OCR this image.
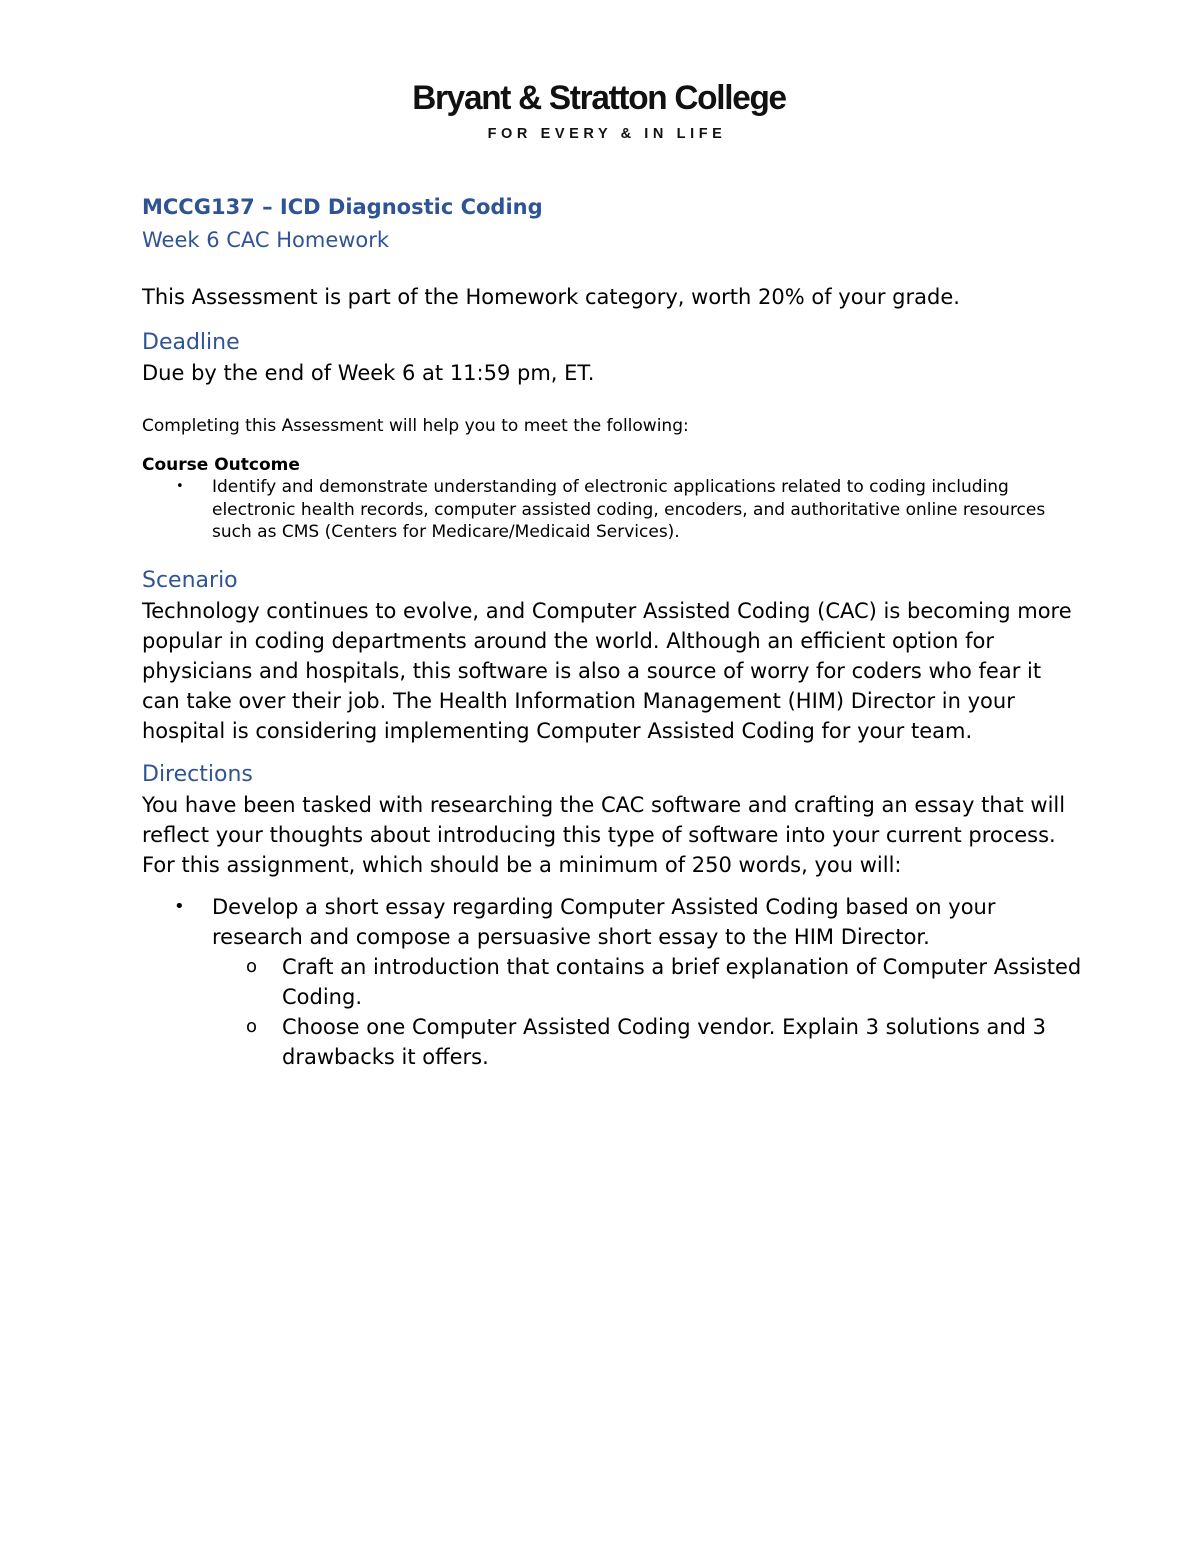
Bryant & Stratton College
FOR EVERY & IN LIFE

MCCG137 – ICD Diagnostic Coding

Week 6 CAC Homework

This Assessment is part of the Homework category, worth 20% of your grade.

Deadline

Due by the end of Week 6 at 11:59 pm, ET.

Completing this Assessment will help you to meet the following:

Course Outcome

• Identify and demonstrate understanding of electronic applications related to coding including electronic health records, computer assisted coding, encoders, and authoritative online resources such as CMS (Centers for Medicare/Medicaid Services).

Scenario

Technology continues to evolve, and Computer Assisted Coding (CAC) is becoming more popular in coding departments around the world. Although an efficient option for physicians and hospitals, this software is also a source of worry for coders who fear it can take over their job. The Health Information Management (HIM) Director in your hospital is considering implementing Computer Assisted Coding for your team.

Directions

You have been tasked with researching the CAC software and crafting an essay that will reflect your thoughts about introducing this type of software into your current process. For this assignment, which should be a minimum of 250 words, you will:

• Develop a short essay regarding Computer Assisted Coding based on your research and compose a persuasive short essay to the HIM Director.
o Craft an introduction that contains a brief explanation of Computer Assisted Coding.
o Choose one Computer Assisted Coding vendor. Explain 3 solutions and 3 drawbacks it offers.
